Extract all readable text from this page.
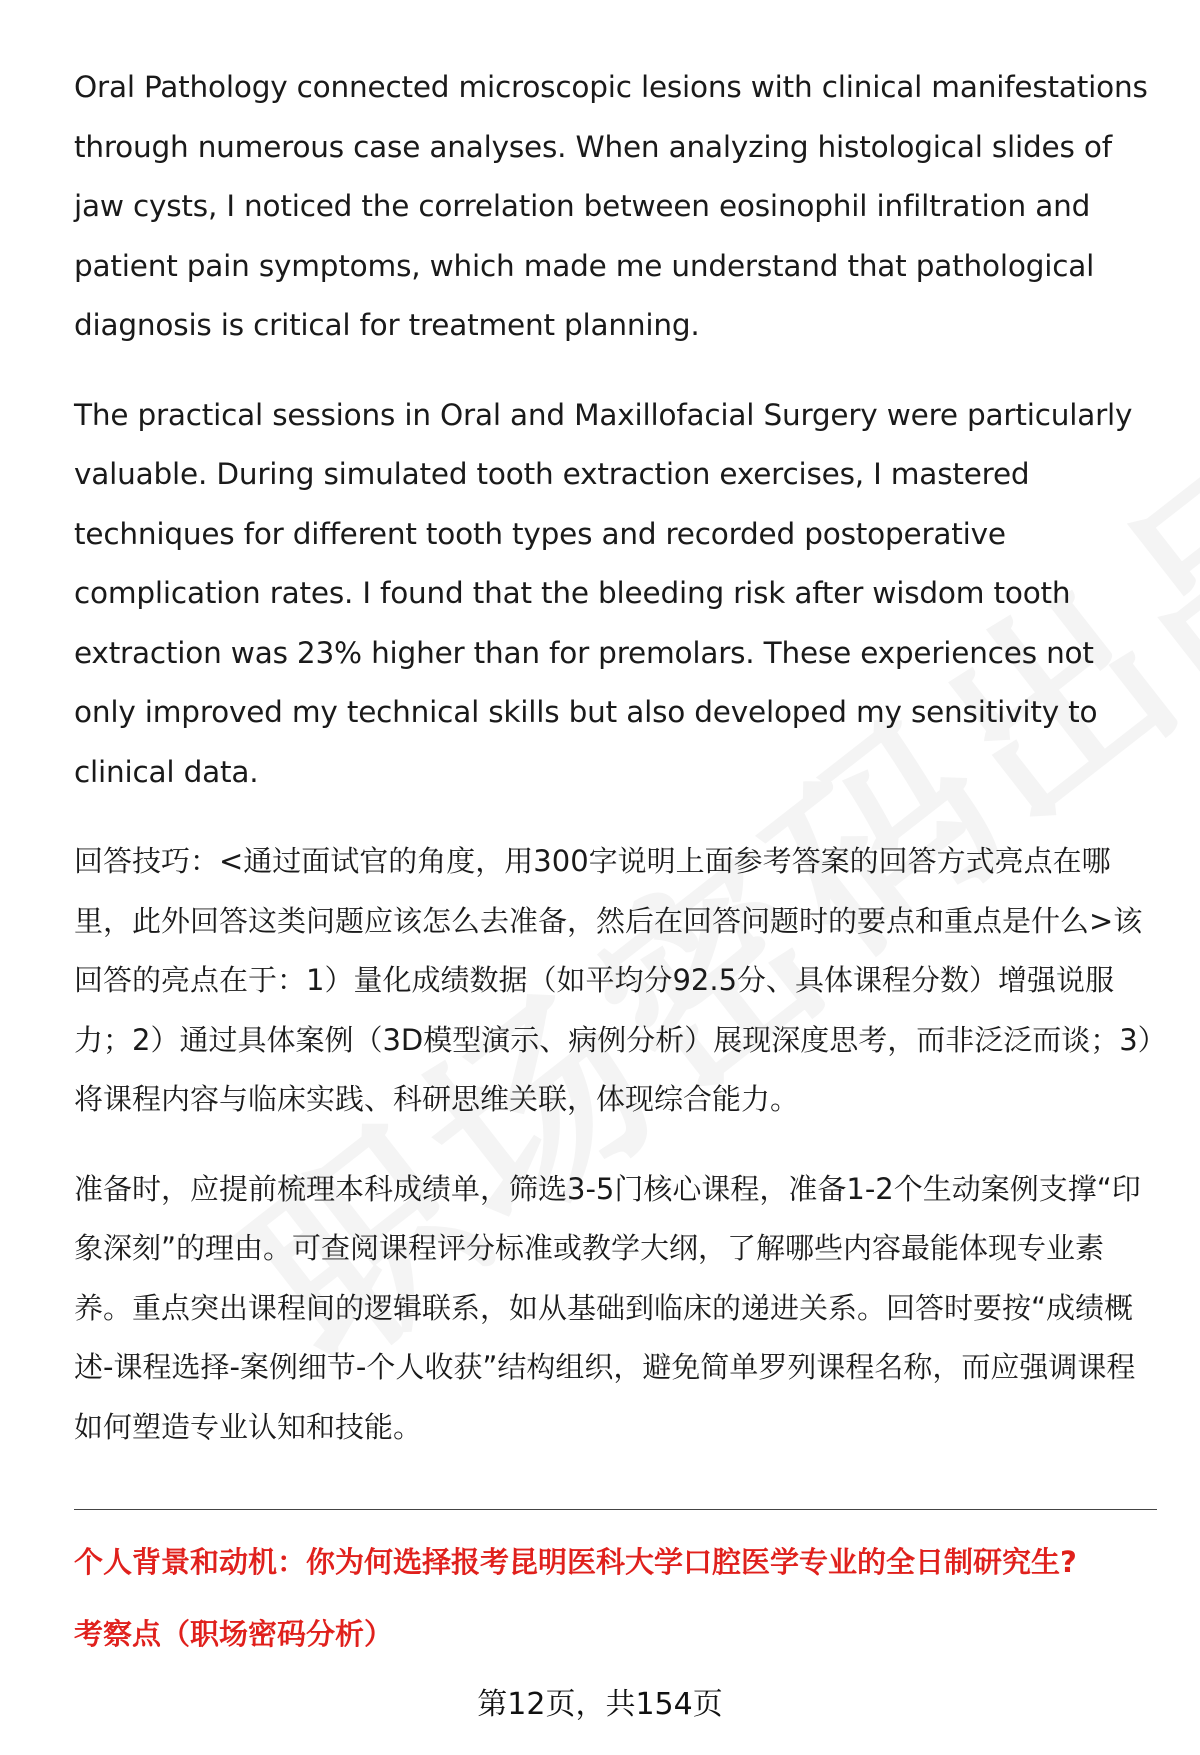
Oral Pathology connected microscopic lesions with clinical manifestations through numerous case analyses. When analyzing histological slides of jaw cysts, I noticed the correlation between eosinophil infiltration and patient pain symptoms, which made me understand that pathological diagnosis is critical for treatment planning.

The practical sessions in Oral and Maxillofacial Surgery were particularly valuable. During simulated tooth extraction exercises, I mastered techniques for different tooth types and recorded postoperative complication rates. I found that the bleeding risk after wisdom tooth extraction was 23% higher than for premolars. These experiences not only improved my technical skills but also developed my sensitivity to clinical data.

回答技巧：<通过面试官的角度，用300字说明上面参考答案的回答方式亮点在哪里，此外回答这类问题应该怎么去准备，然后在回答问题时的要点和重点是什么>该回答的亮点在于：1）量化成绩数据（如平均分92.5分、具体课程分数）增强说服力；2）通过具体案例（3D模型演示、病例分析）展现深度思考，而非泛泛而谈；3）将课程内容与临床实践、科研思维关联，体现综合能力。

准备时，应提前梳理本科成绩单，筛选3-5门核心课程，准备1-2个生动案例支撑“印象深刻”的理由。可查阅课程评分标准或教学大纲，了解哪些内容最能体现专业素养。重点突出课程间的逻辑联系，如从基础到临床的递进关系。回答时要按“成绩概述-课程选择-案例细节-个人收获”结构组织，避免简单罗列课程名称，而应强调课程如何塑造专业认知和技能。

个人背景和动机：你为何选择报考昆明医科大学口腔医学专业的全日制研究生?
考察点（职场密码分析）
第12页，共154页
